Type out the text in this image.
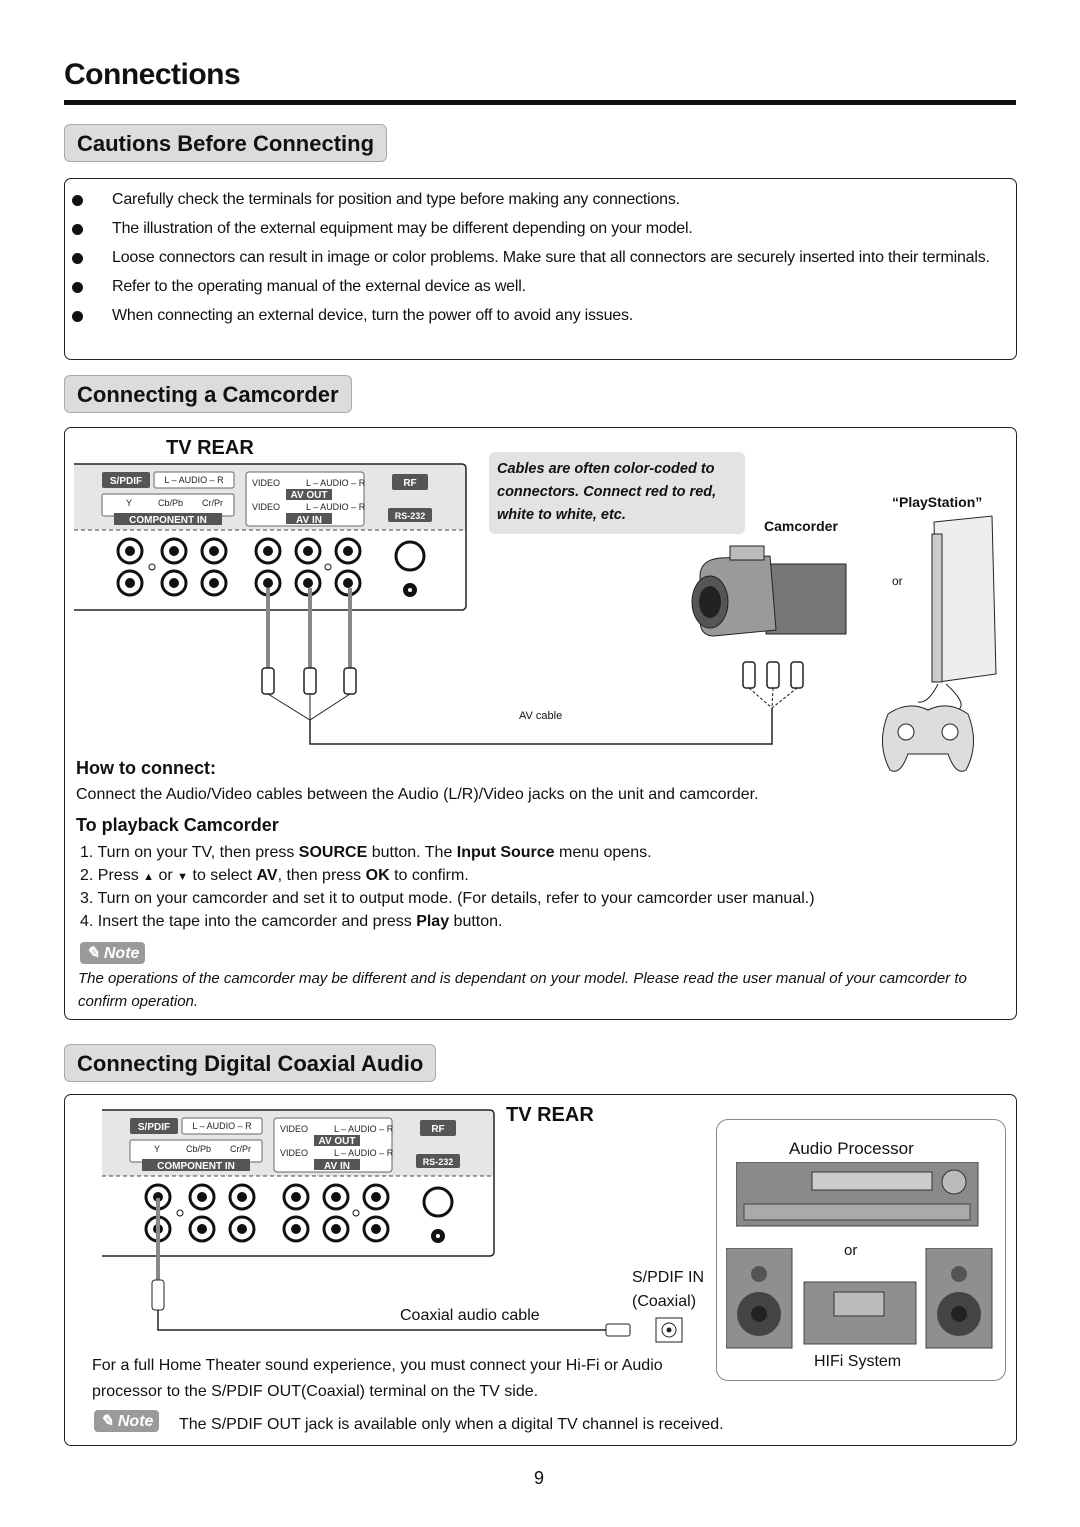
Connections
Cautions Before Connecting
Carefully check the terminals for position and type before making any connections.
The illustration of the external equipment may be different depending on your model.
Loose connectors can result in image or color problems. Make sure that all connectors are securely inserted into their terminals.
Refer to the operating manual of the external device as well.
When connecting an external device, turn the power off to avoid any issues.
Connecting a Camcorder
TV REAR
S/PDIF L – AUDIO – R
Y	Cb/Pb Cr/Pr
COMPONENT IN
VIDEO	L – AUDIO – R
AV OUT
VIDEO	L – AUDIO – R
AV IN
RF
RS-232
AV cable
Cables are often color-coded to connectors. Connect red to red, white to white, etc.
Camcorder
“PlayStation”
or
How to connect:
Connect the Audio/Video cables between the Audio (L/R)/Video jacks on the unit and camcorder.
To playback Camcorder
1. Turn on your TV, then press SOURCE button. The Input Source menu opens.
2. Press ▲ or ▼ to select AV, then press OK to confirm.
3. Turn on your camcorder and set it to output mode. (For details, refer to your camcorder user manual.)
4. Insert the tape into the camcorder and press Play button.
✎ Note
The operations of the camcorder may be different and is dependant on your model. Please read the user manual of your camcorder to confirm operation.
Connecting Digital Coaxial Audio
TV REAR
S/PDIF L – AUDIO – R
Y	Cb/Pb Cr/Pr
COMPONENT IN
VIDEO	L – AUDIO – R
AV OUT
VIDEO	L – AUDIO – R
AV IN
RF
RS-232
S/PDIF IN
(Coaxial)
Coaxial audio cable
Audio Processor
or
HIFi System
For a full Home Theater sound experience, you must connect your Hi-Fi or Audio processor to the S/PDIF OUT(Coaxial) terminal on the TV side.
✎ Note	The S/PDIF OUT jack is available only when a digital TV channel is received.
9
